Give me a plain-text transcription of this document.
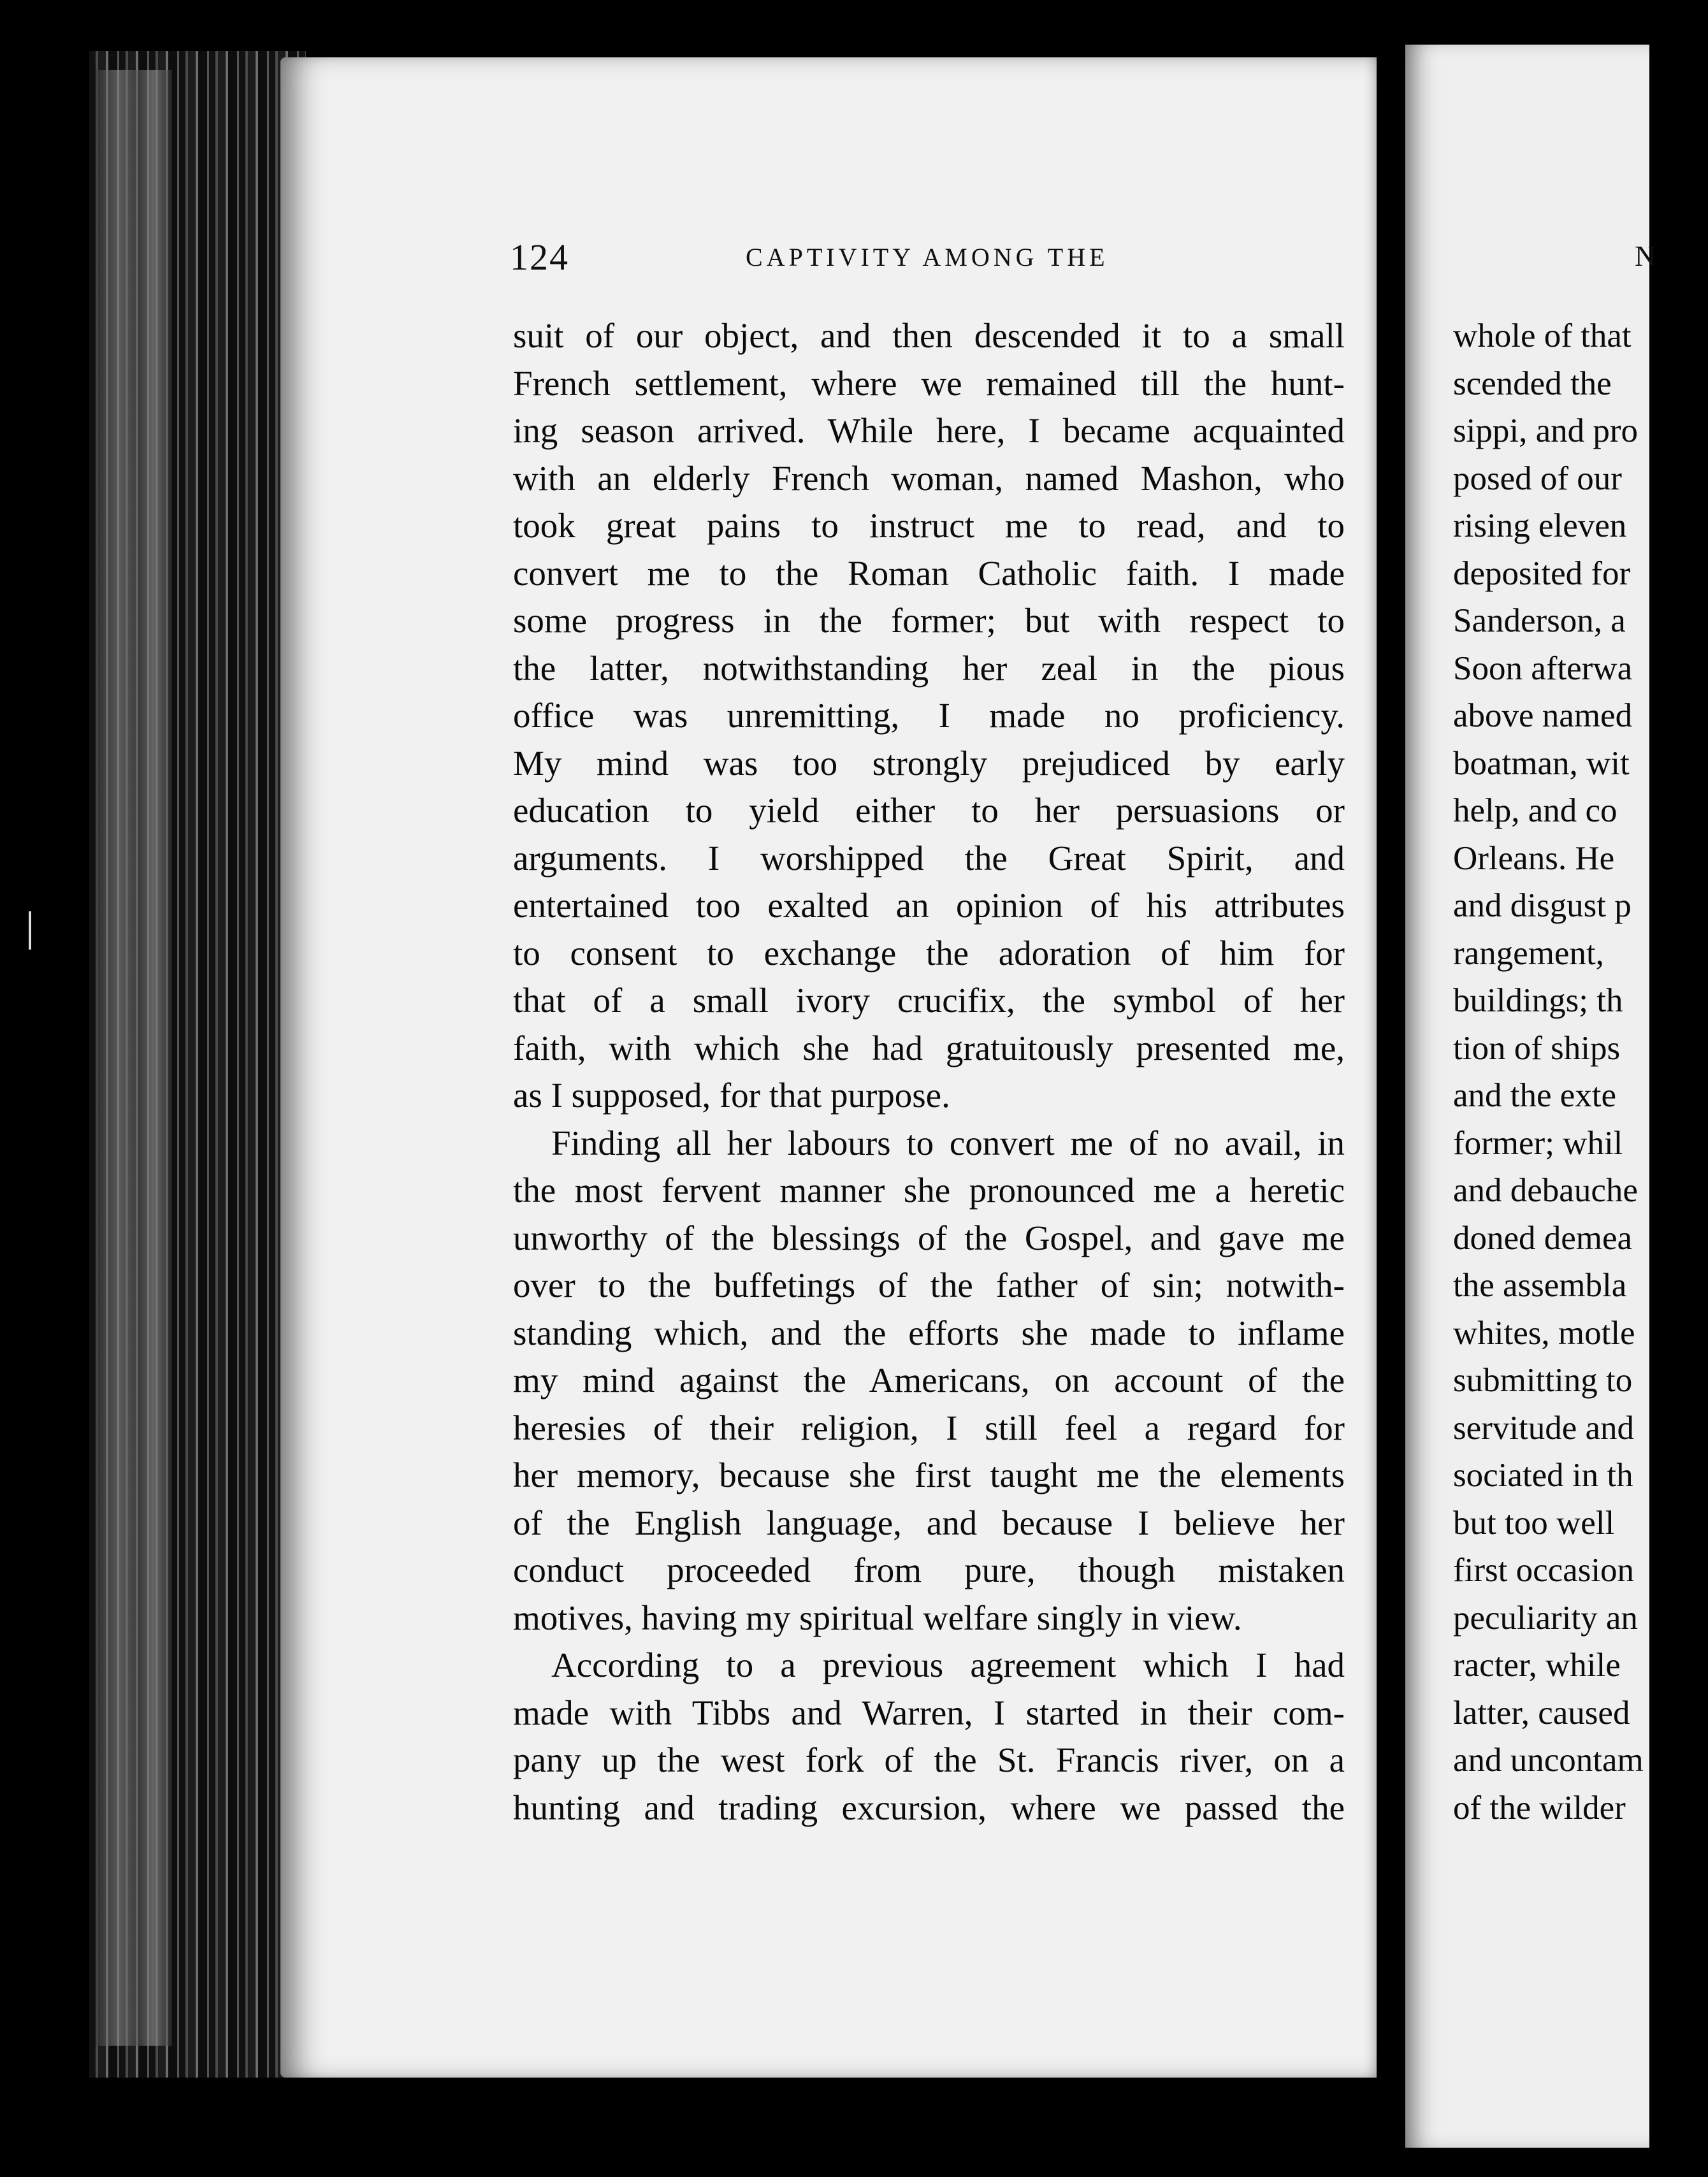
124	CAPTIVITY AMONG THE
suit of our object, and then descended it to a small
French settlement, where we remained till the hunt-
ing season arrived. While here, I became acquainted
with an elderly French woman, named Mashon, who
took great pains to instruct me to read, and to
convert me to the Roman Catholic faith. I made
some progress in the former; but with respect to
the latter, notwithstanding her zeal in the pious
office was unremitting, I made no proficiency.
My mind was too strongly prejudiced by early
education to yield either to her persuasions or
arguments. I worshipped the Great Spirit, and
entertained too exalted an opinion of his attributes
to consent to exchange the adoration of him for
that of a small ivory crucifix, the symbol of her
faith, with which she had gratuitously presented me,
as I supposed, for that purpose.
Finding all her labours to convert me of no avail, in
the most fervent manner she pronounced me a heretic
unworthy of the blessings of the Gospel, and gave me
over to the buffetings of the father of sin; notwith-
standing which, and the efforts she made to inflame
my mind against the Americans, on account of the
heresies of their religion, I still feel a regard for
her memory, because she first taught me the elements
of the English language, and because I believe her
conduct proceeded from pure, though mistaken
motives, having my spiritual welfare singly in view.
According to a previous agreement which I had
made with Tibbs and Warren, I started in their com-
pany up the west fork of the St. Francis river, on a
hunting and trading excursion, where we passed the
N
whole of that
scended the
sippi, and pro
posed of our
rising eleven
deposited for
Sanderson, a
Soon afterwa
above named
boatman, wit
help, and co
Orleans. He
and disgust p
rangement,
buildings; th
tion of ships
and the exte
former; whil
and debauche
doned demea
the assembla
whites, motle
submitting to
servitude and
sociated in th
but too well
first occasion
peculiarity an
racter, while
latter, caused
and uncontam
of the wilder
